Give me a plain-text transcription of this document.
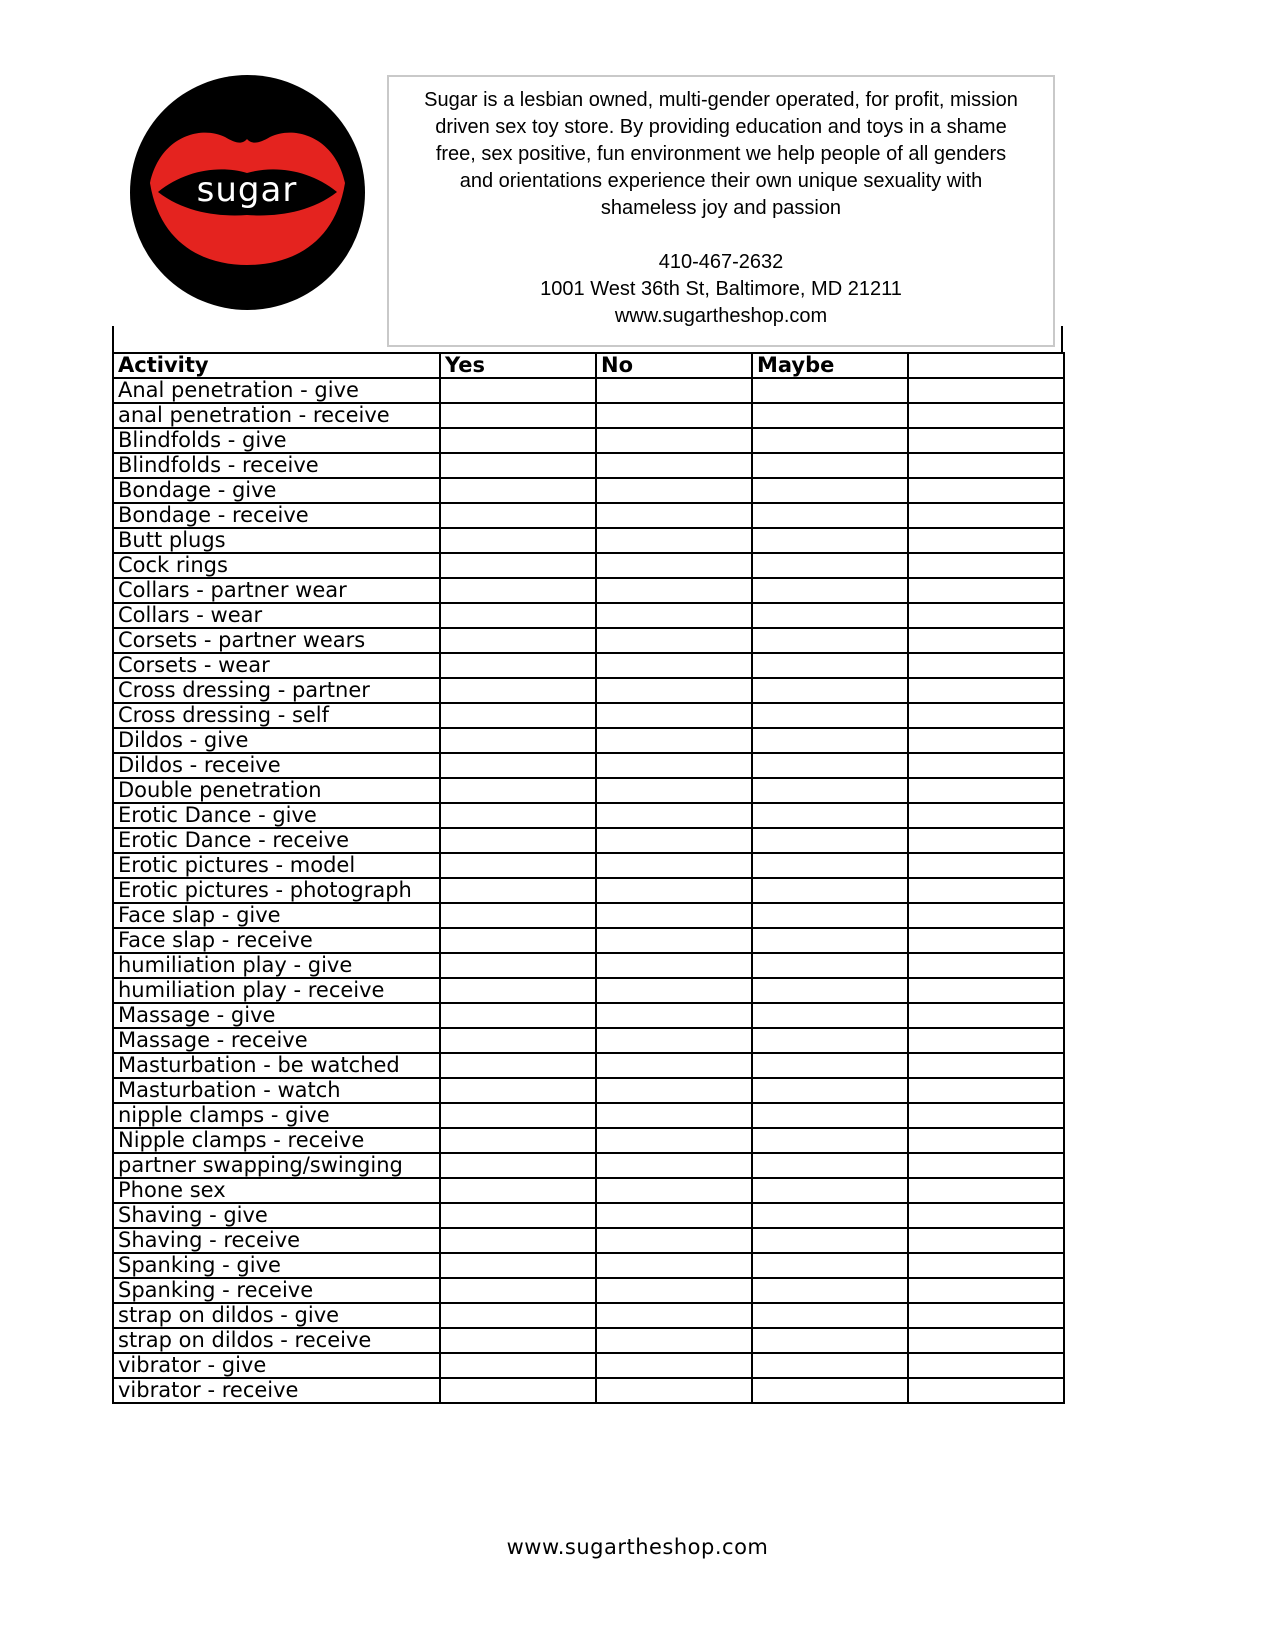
sugar
Sugar is a lesbian owned, multi-gender operated, for profit, mission
driven sex toy store. By providing education and toys in a shame
free, sex positive, fun environment we help people of all genders
and orientations experience their own unique sexuality with
shameless joy and passion
410-467-2632
1001 West 36th St, Baltimore, MD 21211
www.sugartheshop.com
Activity	Yes	No	Maybe	
Anal penetration - give				
anal penetration - receive				
Blindfolds - give				
Blindfolds - receive				
Bondage - give				
Bondage - receive				
Butt plugs				
Cock rings				
Collars - partner wear				
Collars - wear				
Corsets - partner wears				
Corsets - wear				
Cross dressing - partner				
Cross dressing - self				
Dildos - give				
Dildos - receive				
Double penetration				
Erotic Dance - give				
Erotic Dance - receive				
Erotic pictures - model				
Erotic pictures - photograph				
Face slap - give				
Face slap - receive				
humiliation play - give				
humiliation play - receive				
Massage - give				
Massage - receive				
Masturbation - be watched				
Masturbation - watch				
nipple clamps - give				
Nipple clamps - receive				
partner swapping/swinging				
Phone sex				
Shaving - give				
Shaving - receive				
Spanking - give				
Spanking - receive				
strap on dildos - give				
strap on dildos - receive				
vibrator - give				
vibrator - receive				
www.sugartheshop.com
